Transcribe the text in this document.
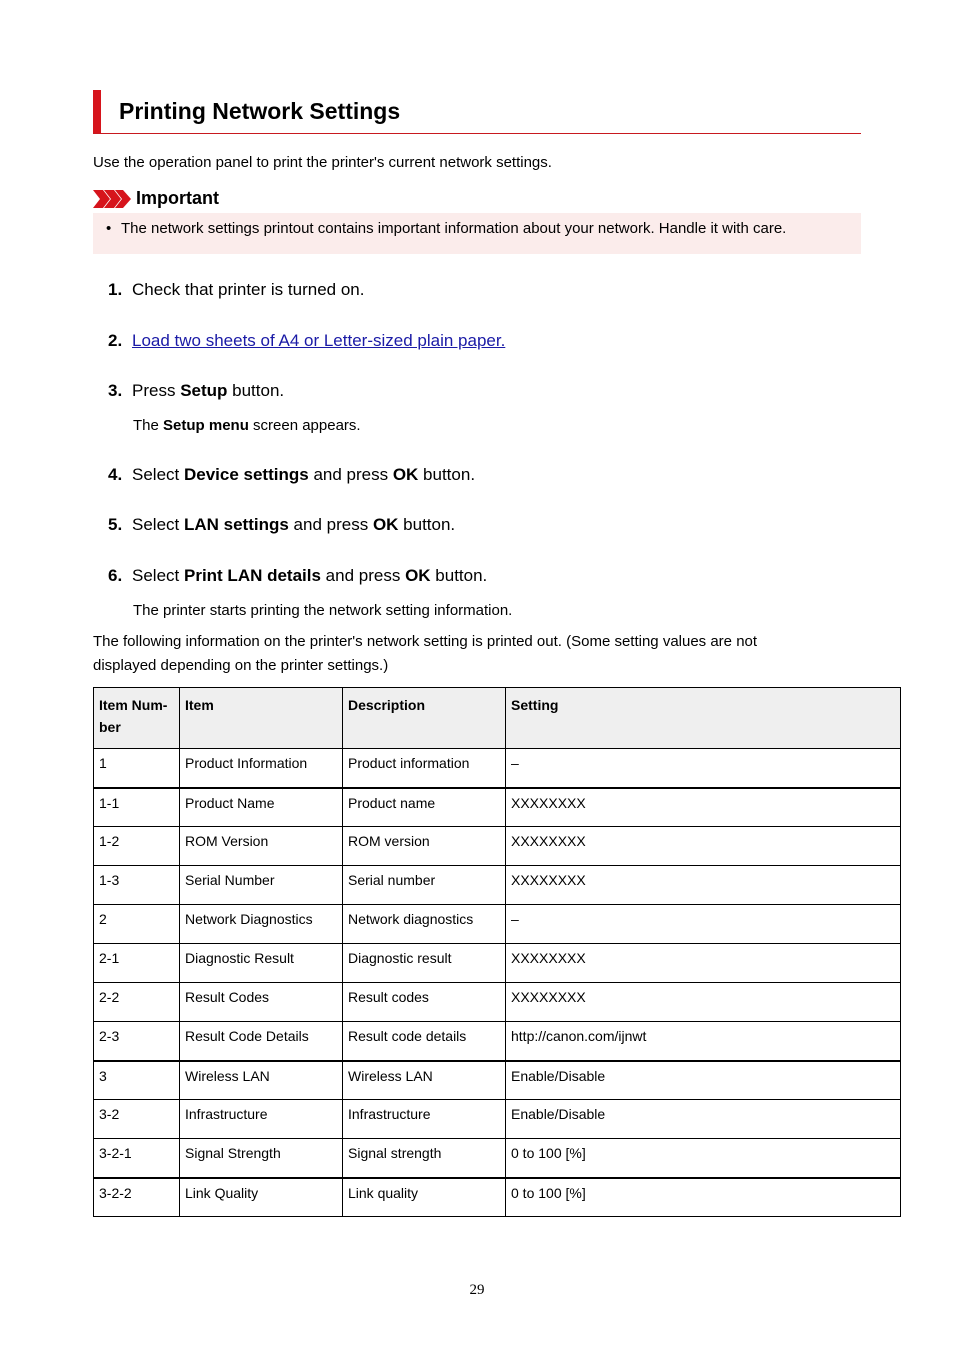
Printing Network Settings
Use the operation panel to print the printer's current network settings.
Important
• The network settings printout contains important information about your network. Handle it with care.
1. Check that printer is turned on.
2. Load two sheets of A4 or Letter-sized plain paper.
3. Press Setup button.
The Setup menu screen appears.
4. Select Device settings and press OK button.
5. Select LAN settings and press OK button.
6. Select Print LAN details and press OK button.
The printer starts printing the network setting information.
The following information on the printer's network setting is printed out. (Some setting values are not
displayed depending on the printer settings.)
Item Num-
ber	Item	Description	Setting
1	Product Information	Product information	–
1-1	Product Name	Product name	XXXXXXXX
1-2	ROM Version	ROM version	XXXXXXXX
1-3	Serial Number	Serial number	XXXXXXXX
2	Network Diagnostics	Network diagnostics	–
2-1	Diagnostic Result	Diagnostic result	XXXXXXXX
2-2	Result Codes	Result codes	XXXXXXXX
2-3	Result Code Details	Result code details	http://canon.com/ijnwt
3	Wireless LAN	Wireless LAN	Enable/Disable
3-2	Infrastructure	Infrastructure	Enable/Disable
3-2-1	Signal Strength	Signal strength	0 to 100 [%]
3-2-2	Link Quality	Link quality	0 to 100 [%]
29
